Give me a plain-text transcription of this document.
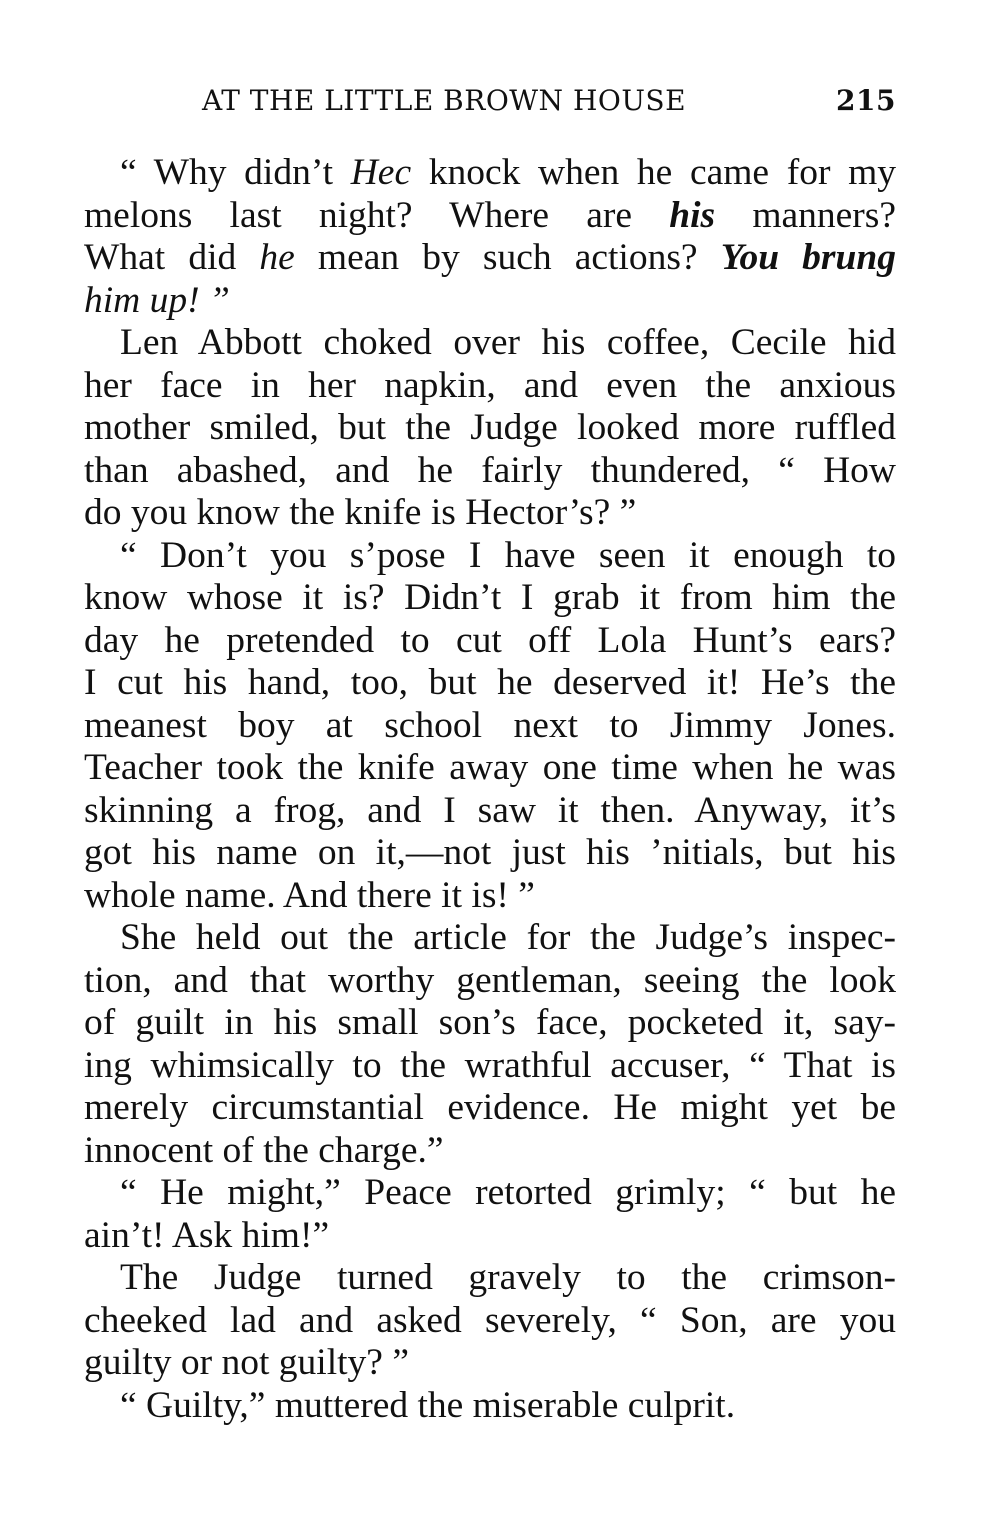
AT THE LITTLE BROWN HOUSE	215
“ Why didn’t Hec knock when he came for my
melons last night? Where are his manners?
What did he mean by such actions? You brung
him up! ”
Len Abbott choked over his coffee, Cecile hid
her face in her napkin, and even the anxious
mother smiled, but the Judge looked more ruffled
than abashed, and he fairly thundered, “ How
do you know the knife is Hector’s? ”
“ Don’t you s’pose I have seen it enough to
know whose it is? Didn’t I grab it from him the
day he pretended to cut off Lola Hunt’s ears?
I cut his hand, too, but he deserved it! He’s the
meanest boy at school next to Jimmy Jones.
Teacher took the knife away one time when he was
skinning a frog, and I saw it then. Anyway, it’s
got his name on it,—not just his ’nitials, but his
whole name. And there it is! ”
She held out the article for the Judge’s inspec-
tion, and that worthy gentleman, seeing the look
of guilt in his small son’s face, pocketed it, say-
ing whimsically to the wrathful accuser, “ That is
merely circumstantial evidence. He might yet be
innocent of the charge.”
“ He might,” Peace retorted grimly; “ but he
ain’t! Ask him!”
The Judge turned gravely to the crimson-
cheeked lad and asked severely, “ Son, are you
guilty or not guilty? ”
“ Guilty,” muttered the miserable culprit.
